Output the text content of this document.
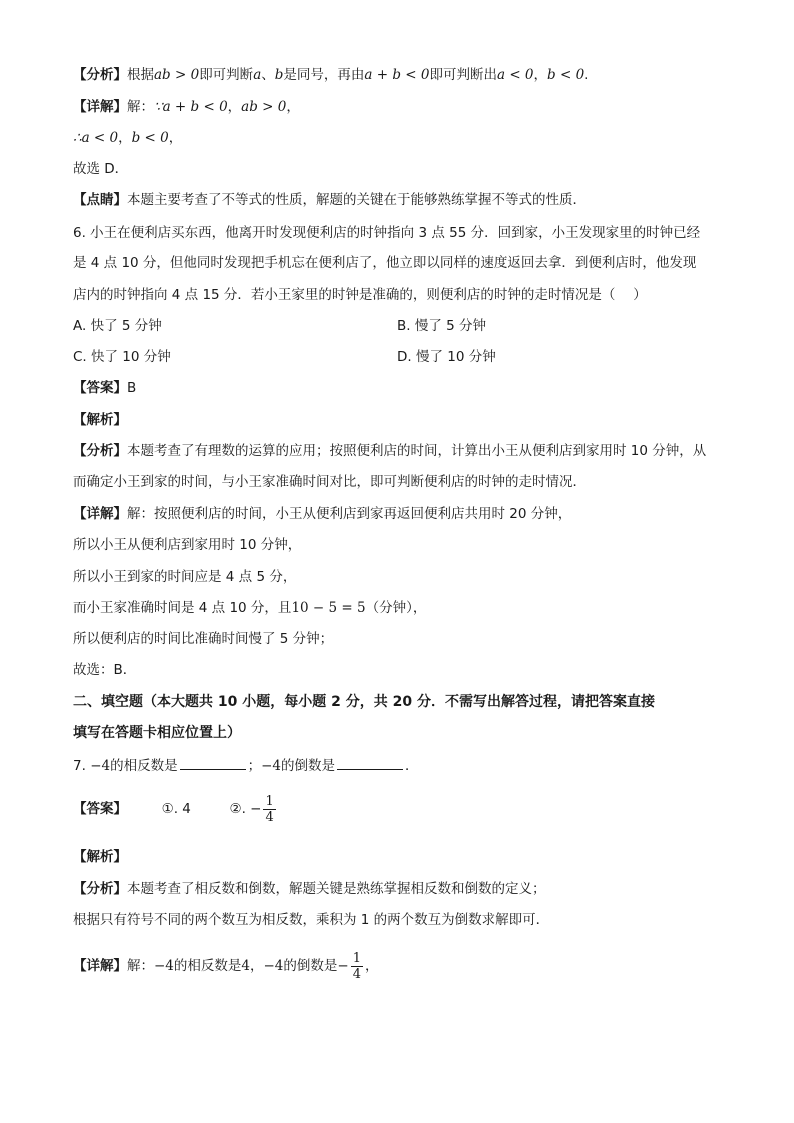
【分析】根据ab > 0即可判断a、b是同号，再由a + b < 0即可判断出a < 0，b < 0.
【详解】解：∵a + b < 0，ab > 0，
∴a < 0，b < 0，
故选 D．
【点睛】本题主要考查了不等式的性质，解题的关键在于能够熟练掌握不等式的性质．
6. 小王在便利店买东西，他离开时发现便利店的时钟指向 3 点 55 分．回到家，小王发现家里的时钟已经
是 4 点 10 分，但他同时发现把手机忘在便利店了，他立即以同样的速度返回去拿．到便利店时，他发现
店内的时钟指向 4 点 15 分．若小王家里的时钟是准确的，则便利店的时钟的走时情况是（　 ）
A. 快了 5 分钟	B. 慢了 5 分钟
C. 快了 10 分钟	D. 慢了 10 分钟
【答案】B
【解析】
【分析】本题考查了有理数的运算的应用；按照便利店的时间，计算出小王从便利店到家用时 10 分钟，从
而确定小王到家的时间，与小王家准确时间对比，即可判断便利店的时钟的走时情况．
【详解】解：按照便利店的时间，小王从便利店到家再返回便利店共用时 20 分钟，
所以小王从便利店到家用时 10 分钟，
所以小王到家的时间应是 4 点 5 分，
而小王家准确时间是 4 点 10 分，且10 − 5 = 5（分钟），
所以便利店的时间比准确时间慢了 5 分钟；
故选：B．
二、填空题（本大题共 10 小题，每小题 2 分，共 20 分．不需写出解答过程，请把答案直接
填写在答题卡相应位置上）
7. −4的相反数是	；−4的倒数是	．
【答案】	①. 4	②. − $\frac{1}{4}$
【解析】
【分析】本题考查了相反数和倒数，解题关键是熟练掌握相反数和倒数的定义；
根据只有符号不同的两个数互为相反数，乘积为 1 的两个数互为倒数求解即可．
【详解】解：−4的相反数是4，−4的倒数是− $\frac{1}{4}$ ，
